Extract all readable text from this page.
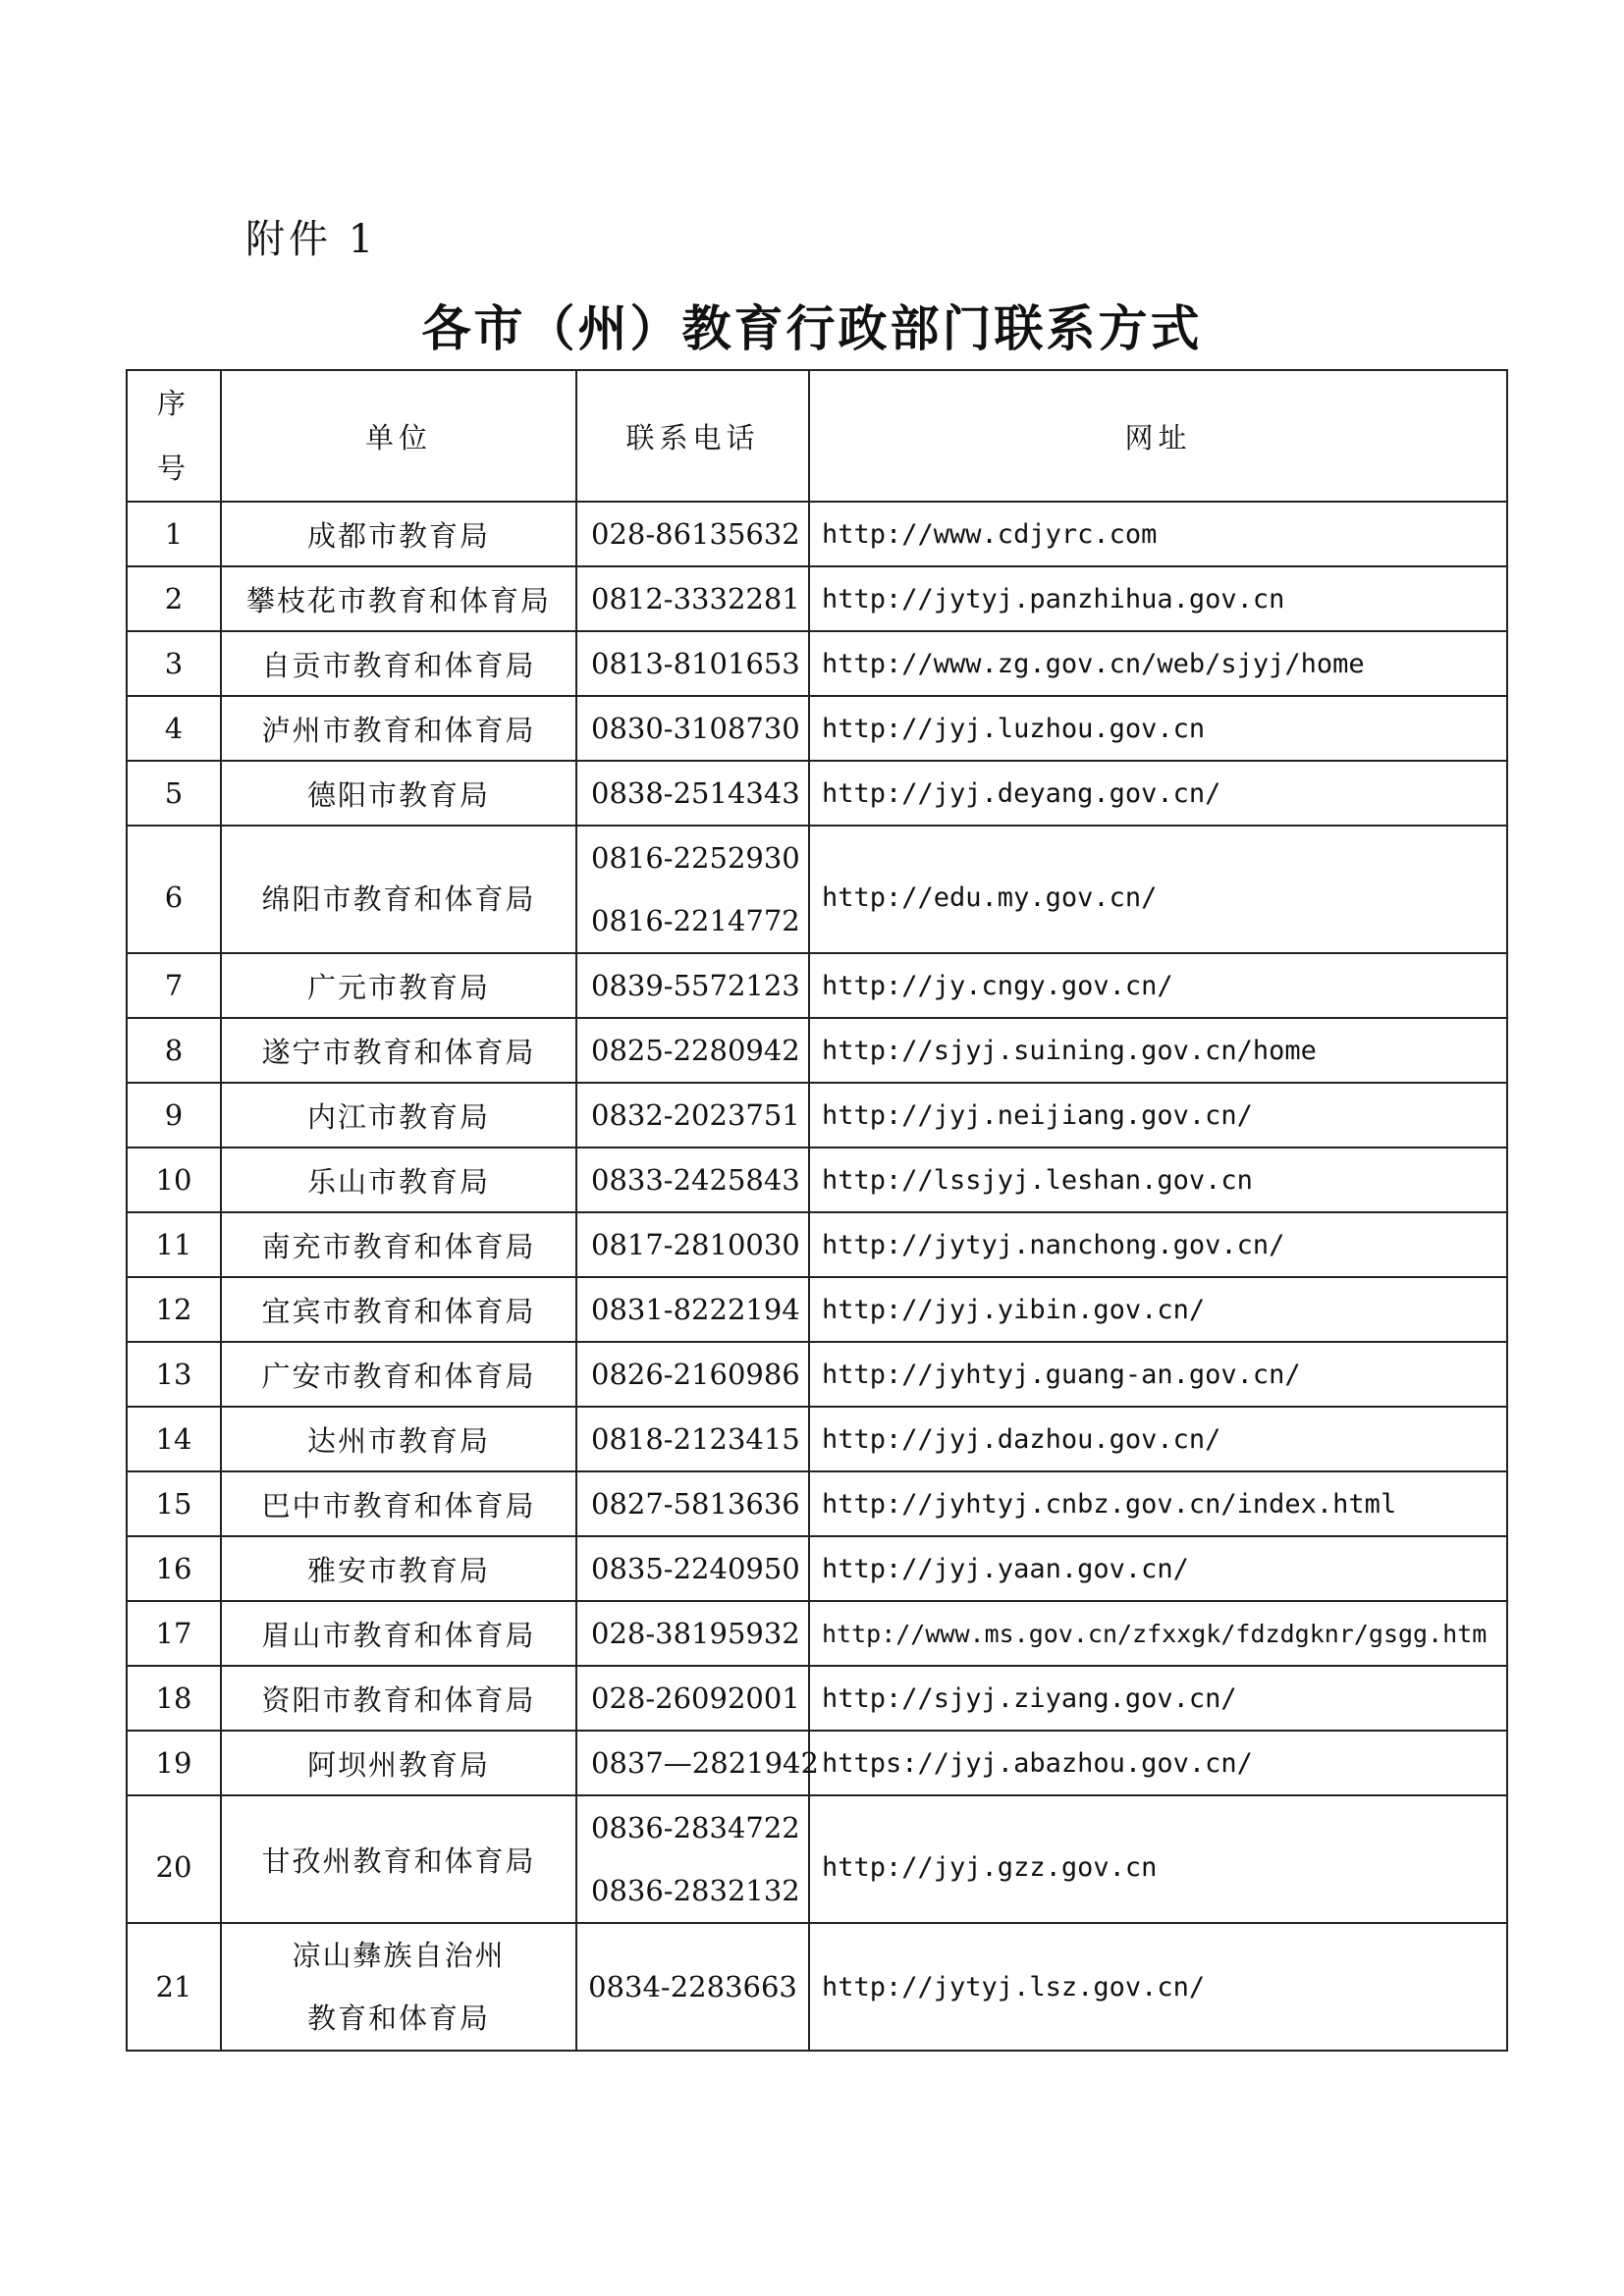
附件 1
各市（州）教育行政部门联系方式
序
号	单位	联系电话	网址
1	成都市教育局	028-86135632	http://www.cdjyrc.com
2	攀枝花市教育和体育局	0812-3332281	http://jytyj.panzhihua.gov.cn
3	自贡市教育和体育局	0813-8101653	http://www.zg.gov.cn/web/sjyj/home
4	泸州市教育和体育局	0830-3108730	http://jyj.luzhou.gov.cn
5	德阳市教育局	0838-2514343	http://jyj.deyang.gov.cn/
6	绵阳市教育和体育局	0816-2252930
0816-2214772	http://edu.my.gov.cn/
7	广元市教育局	0839-5572123	http://jy.cngy.gov.cn/
8	遂宁市教育和体育局	0825-2280942	http://sjyj.suining.gov.cn/home
9	内江市教育局	0832-2023751	http://jyj.neijiang.gov.cn/
10	乐山市教育局	0833-2425843	http://lssjyj.leshan.gov.cn
11	南充市教育和体育局	0817-2810030	http://jytyj.nanchong.gov.cn/
12	宜宾市教育和体育局	0831-8222194	http://jyj.yibin.gov.cn/
13	广安市教育和体育局	0826-2160986	http://jyhtyj.guang-an.gov.cn/
14	达州市教育局	0818-2123415	http://jyj.dazhou.gov.cn/
15	巴中市教育和体育局	0827-5813636	http://jyhtyj.cnbz.gov.cn/index.html
16	雅安市教育局	0835-2240950	http://jyj.yaan.gov.cn/
17	眉山市教育和体育局	028-38195932	http://www.ms.gov.cn/zfxxgk/fdzdgknr/gsgg.htm
18	资阳市教育和体育局	028-26092001	http://sjyj.ziyang.gov.cn/
19	阿坝州教育局	0837—2821942	https://jyj.abazhou.gov.cn/
20	甘孜州教育和体育局	0836-2834722
0836-2832132	http://jyj.gzz.gov.cn
21	凉山彝族自治州
教育和体育局	0834-2283663	http://jytyj.lsz.gov.cn/
